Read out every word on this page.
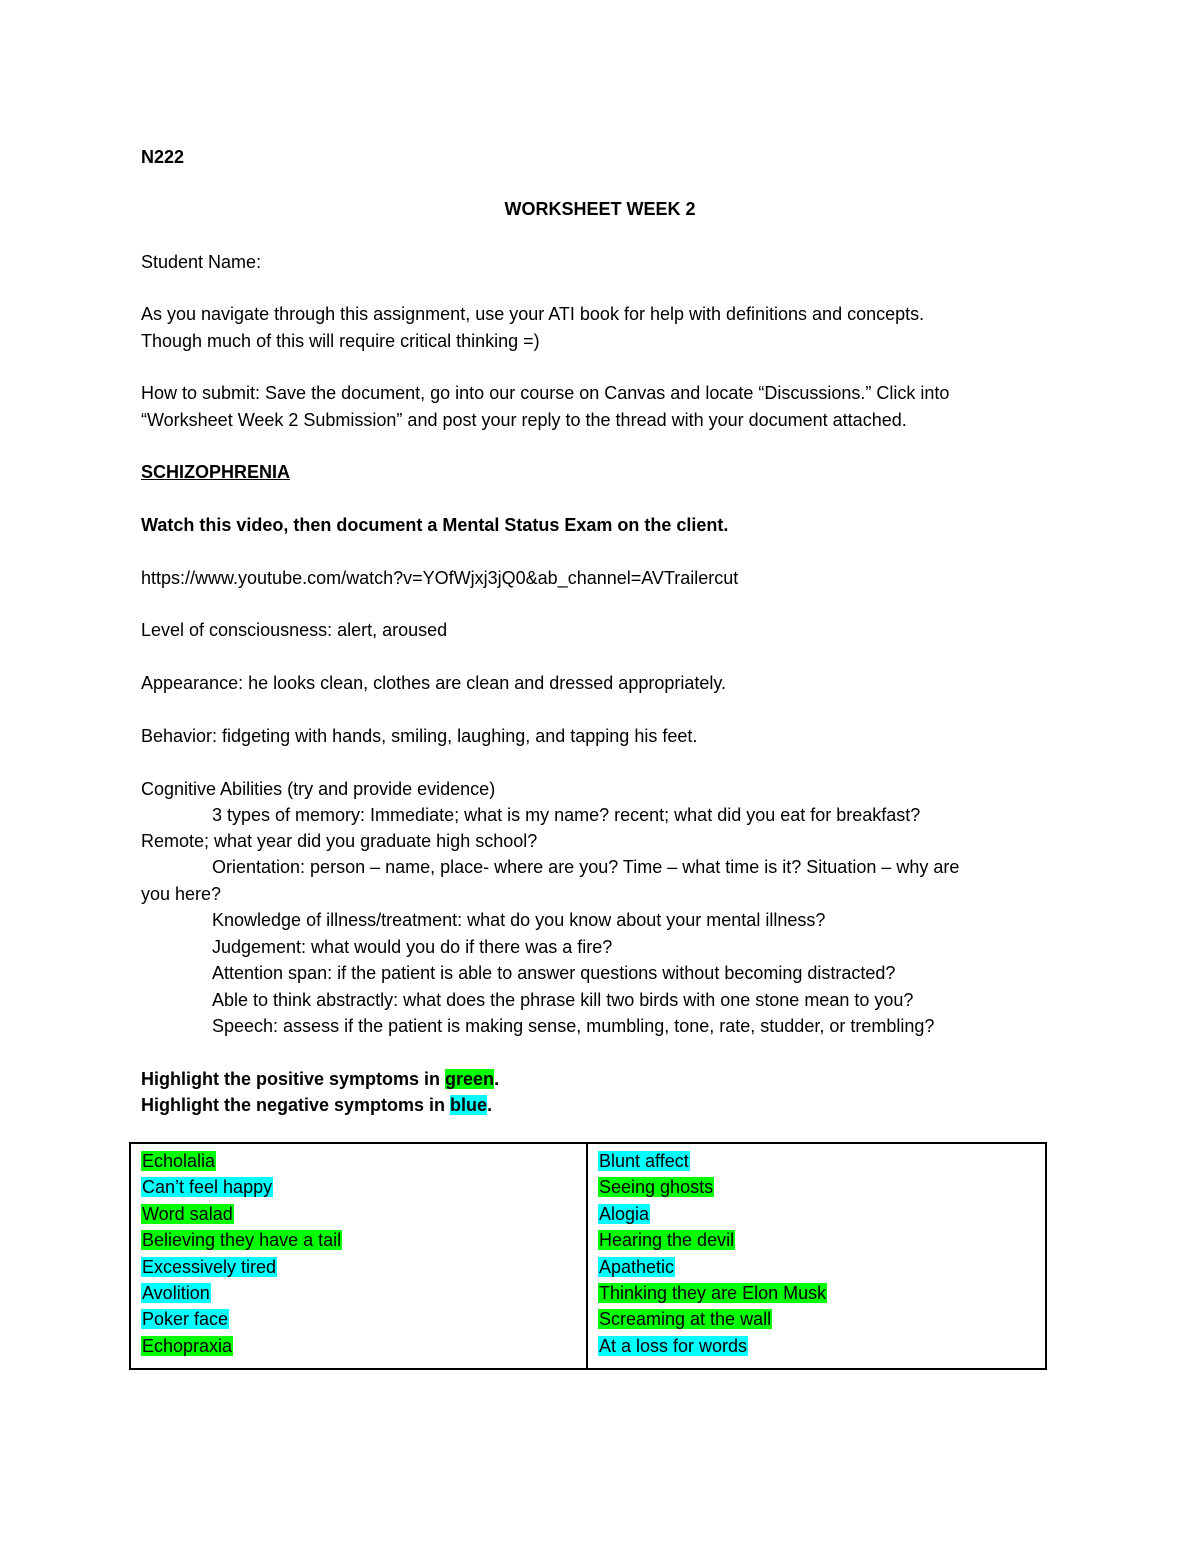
N222
WORKSHEET WEEK 2
Student Name:
As you navigate through this assignment, use your ATI book for help with definitions and concepts.
Though much of this will require critical thinking =)
How to submit: Save the document, go into our course on Canvas and locate “Discussions.” Click into
“Worksheet Week 2 Submission” and post your reply to the thread with your document attached.
SCHIZOPHRENIA
Watch this video, then document a Mental Status Exam on the client.
https://www.youtube.com/watch?v=YOfWjxj3jQ0&ab_channel=AVTrailercut
Level of consciousness: alert, aroused
Appearance: he looks clean, clothes are clean and dressed appropriately.
Behavior: fidgeting with hands, smiling, laughing, and tapping his feet.
Cognitive Abilities (try and provide evidence)
3 types of memory: Immediate; what is my name? recent; what did you eat for breakfast?
Remote; what year did you graduate high school?
Orientation: person – name, place- where are you? Time – what time is it? Situation – why are
you here?
Knowledge of illness/treatment: what do you know about your mental illness?
Judgement: what would you do if there was a fire?
Attention span: if the patient is able to answer questions without becoming distracted?
Able to think abstractly: what does the phrase kill two birds with one stone mean to you?
Speech: assess if the patient is making sense, mumbling, tone, rate, studder, or trembling?
Highlight the positive symptoms in green.
Highlight the negative symptoms in blue.
Echolalia
Can’t feel happy
Word salad
Believing they have a tail
Excessively tired
Avolition
Poker face
Echopraxia
Blunt affect
Seeing ghosts
Alogia
Hearing the devil
Apathetic
Thinking they are Elon Musk
Screaming at the wall
At a loss for words
